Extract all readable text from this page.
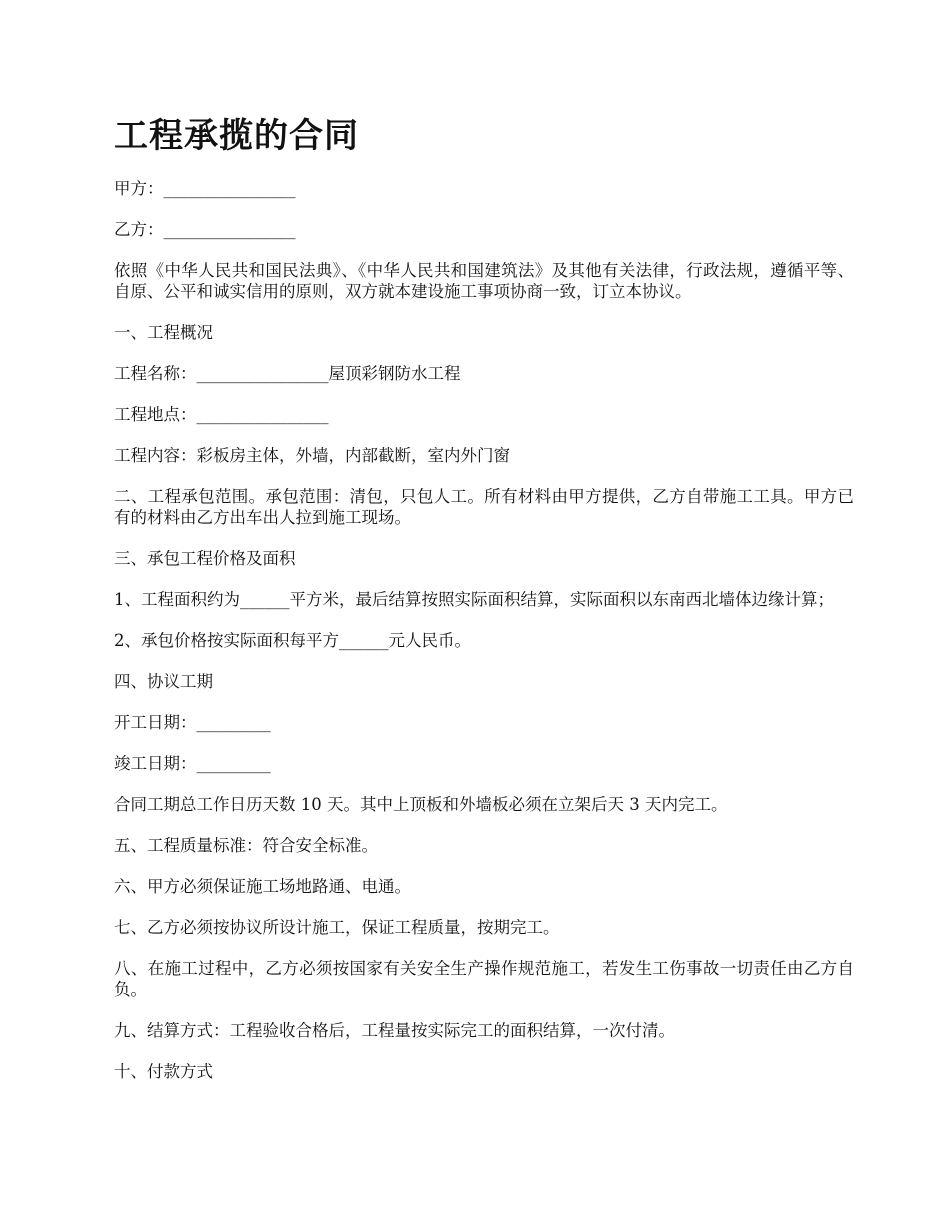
工程承揽的合同

甲方：________________

乙方：________________

依照《中华人民共和国民法典》、《中华人民共和国建筑法》及其他有关法律，行政法规，遵循平等、自原、公平和诚实信用的原则，双方就本建设施工事项协商一致，订立本协议。

一、工程概况

工程名称：________________屋顶彩钢防水工程

工程地点：________________

工程内容：彩板房主体，外墙，内部截断，室内外门窗

二、工程承包范围。承包范围：清包，只包人工。所有材料由甲方提供，乙方自带施工工具。甲方已有的材料由乙方出车出人拉到施工现场。

三、承包工程价格及面积

1、工程面积约为______平方米，最后结算按照实际面积结算，实际面积以东南西北墙体边缘计算；

2、承包价格按实际面积每平方______元人民币。

四、协议工期

开工日期：_________

竣工日期：_________

合同工期总工作日历天数 10 天。其中上顶板和外墙板必须在立架后天 3 天内完工。

五、工程质量标准：符合安全标准。

六、甲方必须保证施工场地路通、电通。

七、乙方必须按协议所设计施工，保证工程质量，按期完工。

八、在施工过程中，乙方必须按国家有关安全生产操作规范施工，若发生工伤事故一切责任由乙方自负。

九、结算方式：工程验收合格后，工程量按实际完工的面积结算，一次付清。

十、付款方式
